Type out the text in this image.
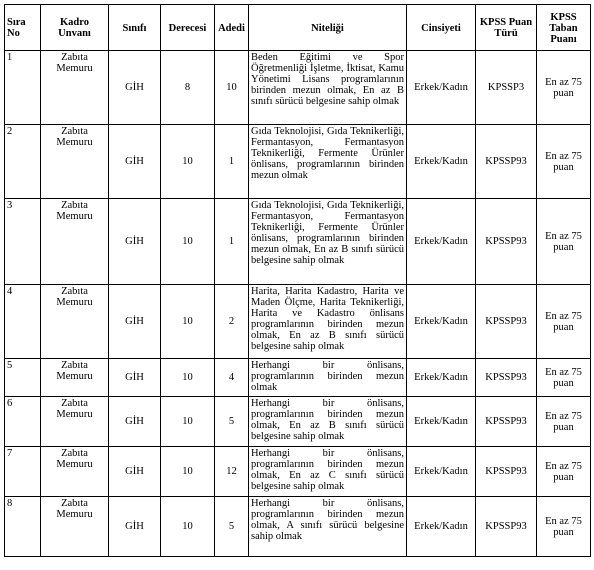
Sıra No	Kadro Unvanı	Sınıfı	Derecesi	Adedi	Niteliği	Cinsiyeti	KPSS Puan Türü	KPSS Taban Puanı
1	Zabıta Memuru	GİH	8	10	Beden Eğitimi ve Spor Öğretmenliği İşletme, İktisat, Kamu Yönetimi Lisans programlarının birinden mezun olmak, En az B sınıfı sürücü belgesine sahip olmak	Erkek/Kadın	KPSSP3	En az 75 puan
2	Zabıta Memuru	GİH	10	1	Gıda Teknolojisi, Gıda Teknikerliği, Fermantasyon, Fermantasyon Teknikerliği, Fermente Ürünler önlisans, programlarının birinden mezun olmak	Erkek/Kadın	KPSSP93	En az 75 puan
3	Zabıta Memuru	GİH	10	1	Gıda Teknolojisi, Gıda Teknikerliği, Fermantasyon, Fermantasyon Teknikerliği, Fermente Ürünler önlisans, programlarının birinden mezun olmak, En az B sınıfı sürücü belgesine sahip olmak	Erkek/Kadın	KPSSP93	En az 75 puan
4	Zabıta Memuru	GİH	10	2	Harita, Harita Kadastro, Harita ve Maden Ölçme, Harita Teknikerliği, Harita ve Kadastro önlisans programlarının birinden mezun olmak, En az B sınıfı sürücü belgesine sahip olmak	Erkek/Kadın	KPSSP93	En az 75 puan
5	Zabıta Memuru	GİH	10	4	Herhangi bir önlisans, programlarının birinden mezun olmak	Erkek/Kadın	KPSSP93	En az 75 puan
6	Zabıta Memuru	GİH	10	5	Herhangi bir önlisans, programlarının birinden mezun olmak, En az B sınıfı sürücü belgesine sahip olmak	Erkek/Kadın	KPSSP93	En az 75 puan
7	Zabıta Memuru	GİH	10	12	Herhangi bir önlisans, programlarının birinden mezun olmak, En az C sınıfı sürücü belgesine sahip olmak	Erkek/Kadın	KPSSP93	En az 75 puan
8	Zabıta Memuru	GİH	10	5	Herhangi bir önlisans, programlarının birinden mezun olmak, A sınıfı sürücü belgesine sahip olmak	Erkek/Kadın	KPSSP93	En az 75 puan
